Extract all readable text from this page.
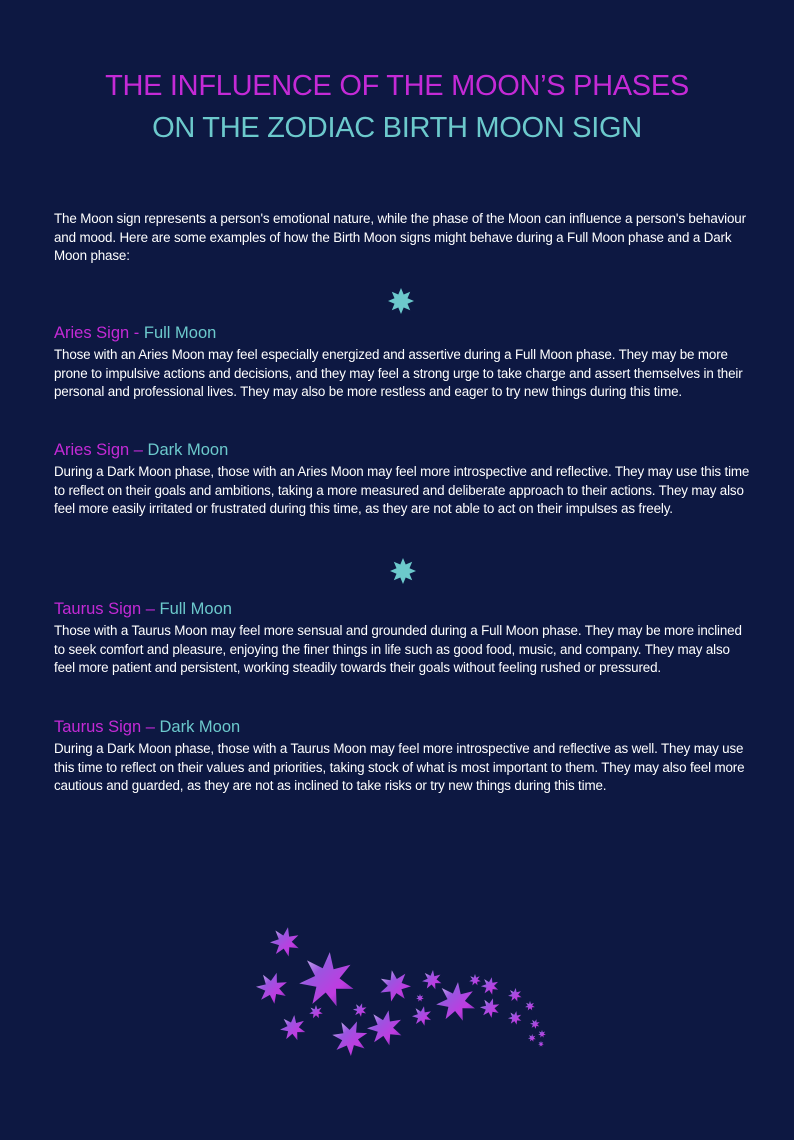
THE INFLUENCE OF THE MOON’S PHASES
ON THE ZODIAC BIRTH MOON SIGN

The Moon sign represents a person's emotional nature, while the phase of the Moon can influence a person's behaviour and mood. Here are some examples of how the Birth Moon signs might behave during a Full Moon phase and a Dark Moon phase:

Aries Sign - Full Moon

Those with an Aries Moon may feel especially energized and assertive during a Full Moon phase. They may be more prone to impulsive actions and decisions, and they may feel a strong urge to take charge and assert themselves in their personal and professional lives. They may also be more restless and eager to try new things during this time.

Aries Sign – Dark Moon

During a Dark Moon phase, those with an Aries Moon may feel more introspective and reflective. They may use this time to reflect on their goals and ambitions, taking a more measured and deliberate approach to their actions. They may also feel more easily irritated or frustrated during this time, as they are not able to act on their impulses as freely.

Taurus Sign – Full Moon

Those with a Taurus Moon may feel more sensual and grounded during a Full Moon phase. They may be more inclined to seek comfort and pleasure, enjoying the finer things in life such as good food, music, and company. They may also feel more patient and persistent, working steadily towards their goals without feeling rushed or pressured.

Taurus Sign – Dark Moon

During a Dark Moon phase, those with a Taurus Moon may feel more introspective and reflective as well. They may use this time to reflect on their values and priorities, taking stock of what is most important to them. They may also feel more cautious and guarded, as they are not as inclined to take risks or try new things during this time.
